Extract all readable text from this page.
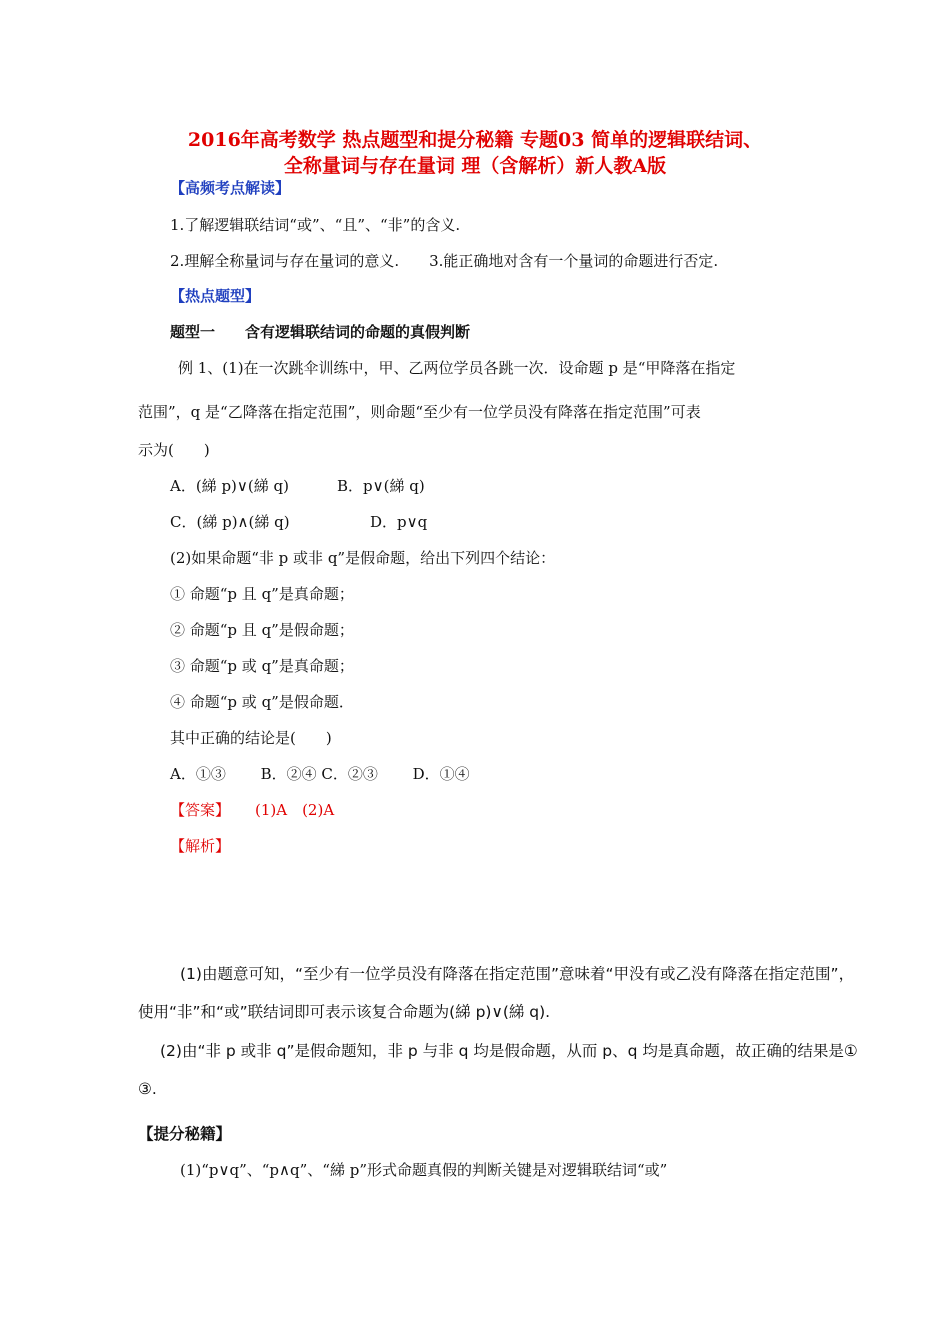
2016年高考数学 热点题型和提分秘籍 专题03 简单的逻辑联结词、
全称量词与存在量词 理（含解析）新人教A版
【高频考点解读】
1.了解逻辑联结词“或”、“且”、“非”的含义.
2.理解全称量词与存在量词的意义.　　3.能正确地对含有一个量词的命题进行否定.
【热点题型】
题型一　　含有逻辑联结词的命题的真假判断
例 1、(1)在一次跳伞训练中，甲、乙两位学员各跳一次．设命题 p 是“甲降落在指定
范围”，q 是“乙降落在指定范围”，则命题“至少有一位学员没有降落在指定范围”可表
示为(　　)
A．(綈 p)∨(綈 q)	B．p∨(綈 q)
C．(綈 p)∧(綈 q)	D．p∨q
(2)如果命题“非 p 或非 q”是假命题，给出下列四个结论：
① 命题“p 且 q”是真命题；
② 命题“p 且 q”是假命题；
③ 命题“p 或 q”是真命题；
④ 命题“p 或 q”是假命题．
其中正确的结论是(　　)
A．①③　　 B．②④ C．②③　　 D．①④
【答案】 (1)A　(2)A
【解析】
(1)由题意可知，“至少有一位学员没有降落在指定范围”意味着“甲没有或乙没有降落在指定范围”，
使用“非”和“或”联结词即可表示该复合命题为(綈 p)∨(綈 q).
(2)由“非 p 或非 q”是假命题知，非 p 与非 q 均是假命题，从而 p、q 均是真命题，故正确的结果是①
③.
【提分秘籍】
(1)“p∨q”、“p∧q”、“綈 p”形式命题真假的判断关键是对逻辑联结词“或”
